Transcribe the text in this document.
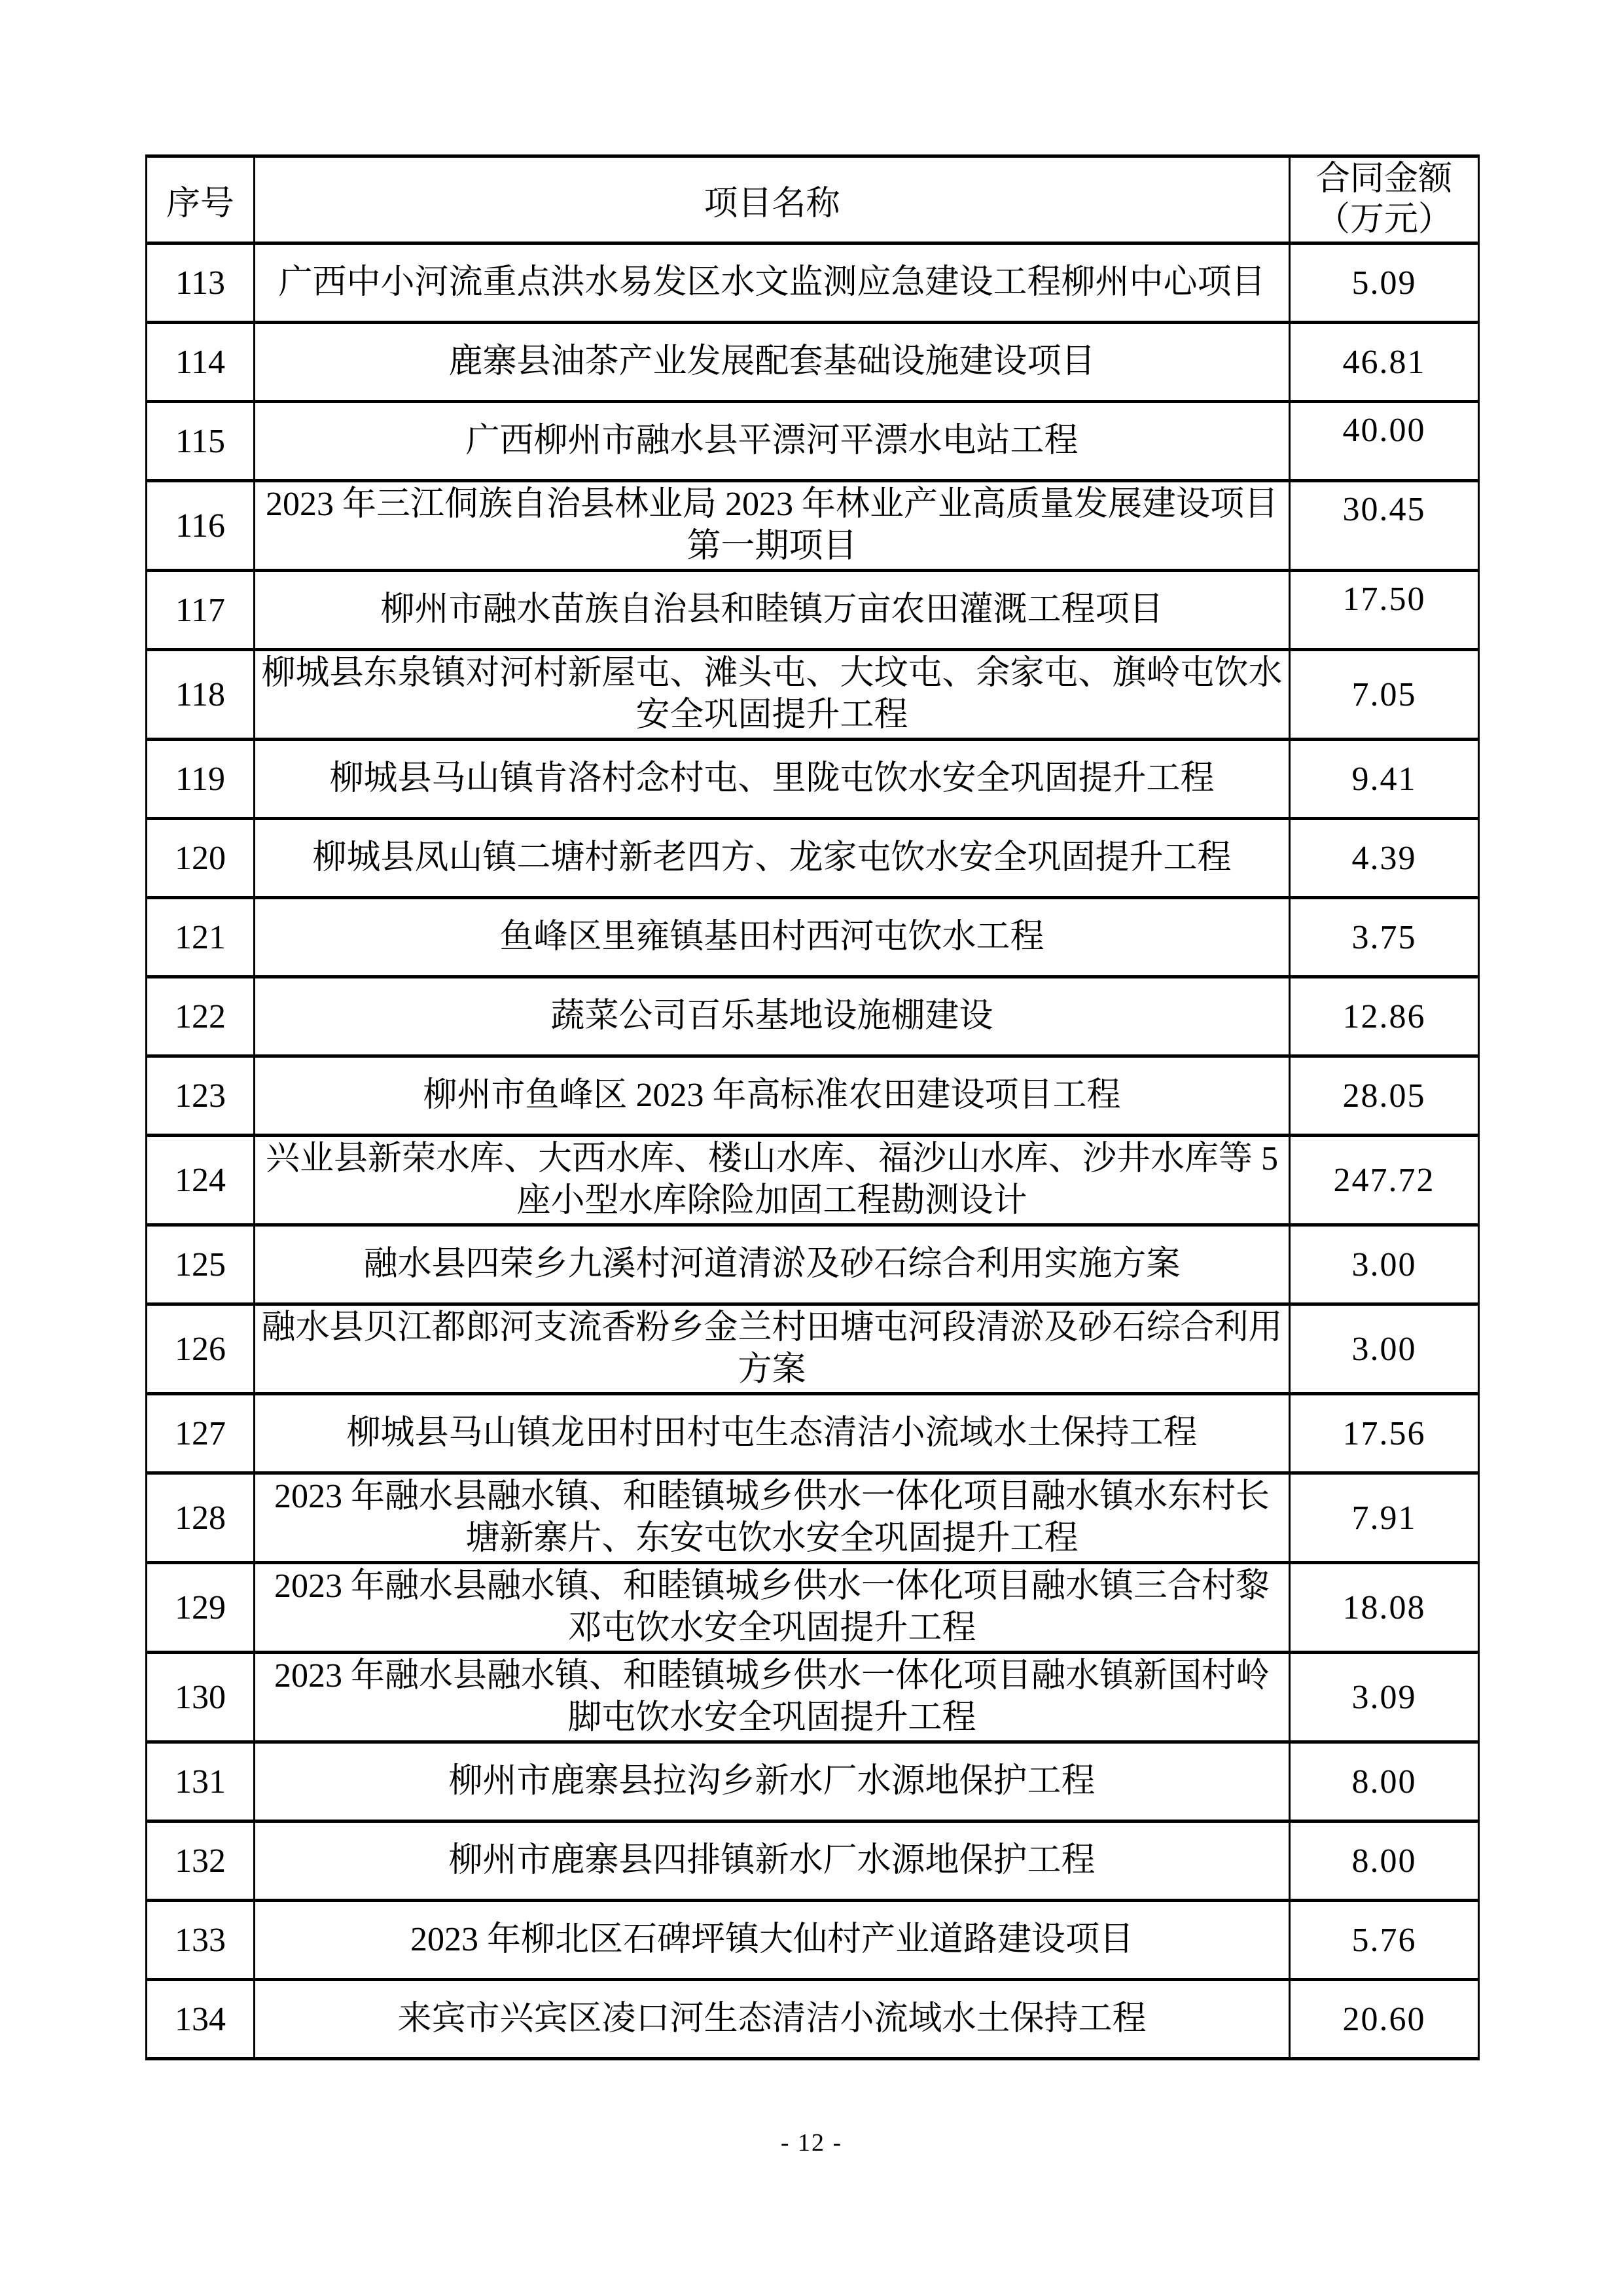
序号	项目名称	合同金额
（万元）

113	广西中小河流重点洪水易发区水文监测应急建设工程柳州中心项目	5.09
114	鹿寨县油茶产业发展配套基础设施建设项目	46.81
115	广西柳州市融水县平漂河平漂水电站工程	40.00
116	2023 年三江侗族自治县林业局 2023 年林业产业高质量发展建设项目第一期项目	30.45
117	柳州市融水苗族自治县和睦镇万亩农田灌溉工程项目	17.50
118	柳城县东泉镇对河村新屋屯、滩头屯、大坟屯、余家屯、旗岭屯饮水安全巩固提升工程	7.05
119	柳城县马山镇肯洛村念村屯、里陇屯饮水安全巩固提升工程	9.41
120	柳城县凤山镇二塘村新老四方、龙家屯饮水安全巩固提升工程	4.39
121	鱼峰区里雍镇基田村西河屯饮水工程	3.75
122	蔬菜公司百乐基地设施棚建设	12.86
123	柳州市鱼峰区 2023 年高标准农田建设项目工程	28.05
124	兴业县新荣水库、大西水库、楼山水库、福沙山水库、沙井水库等 5 座小型水库除险加固工程勘测设计	247.72
125	融水县四荣乡九溪村河道清淤及砂石综合利用实施方案	3.00
126	融水县贝江都郎河支流香粉乡金兰村田塘屯河段清淤及砂石综合利用方案	3.00
127	柳城县马山镇龙田村田村屯生态清洁小流域水土保持工程	17.56
128	2023 年融水县融水镇、和睦镇城乡供水一体化项目融水镇水东村长塘新寨片、东安屯饮水安全巩固提升工程	7.91
129	2023 年融水县融水镇、和睦镇城乡供水一体化项目融水镇三合村黎邓屯饮水安全巩固提升工程	18.08
130	2023 年融水县融水镇、和睦镇城乡供水一体化项目融水镇新国村岭脚屯饮水安全巩固提升工程	3.09
131	柳州市鹿寨县拉沟乡新水厂水源地保护工程	8.00
132	柳州市鹿寨县四排镇新水厂水源地保护工程	8.00
133	2023 年柳北区石碑坪镇大仙村产业道路建设项目	5.76
134	来宾市兴宾区凌口河生态清洁小流域水土保持工程	20.60
- 12 -
